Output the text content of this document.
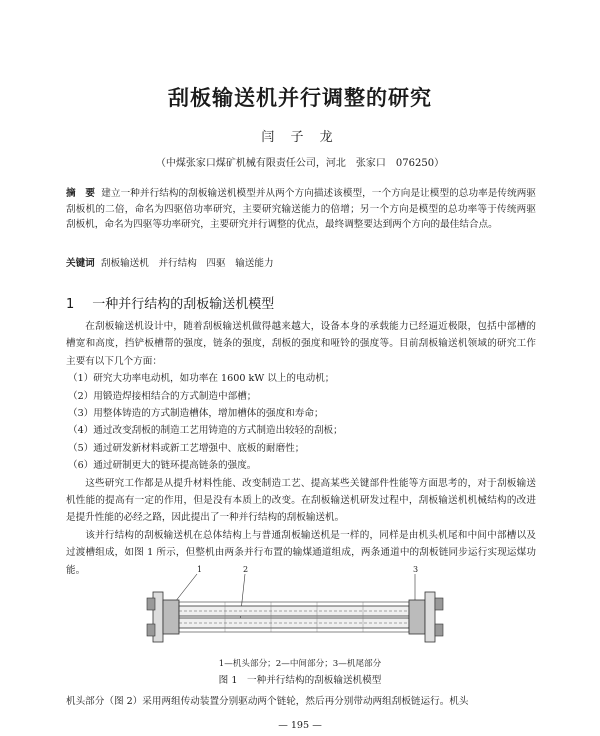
刮板输送机并行调整的研究
闫 子 龙
（中煤张家口煤矿机械有限责任公司，河北　张家口　076250）
摘　要 建立一种并行结构的刮板输送机模型并从两个方向描述该模型，一个方向是让模型的总功率是传统两驱刮板机的二倍，命名为四驱倍功率研究，主要研究输送能力的倍增；另一个方向是模型的总功率等于传统两驱刮板机，命名为四驱等功率研究，主要研究并行调整的优点，最终调整要达到两个方向的最佳结合点。
关键词 刮板输送机　并行结构　四驱　输送能力
1 一种并行结构的刮板输送机模型

在刮板输送机设计中，随着刮板输送机做得越来越大，设备本身的承载能力已经逼近极限，包括中部槽的槽宽和高度，挡铲板槽帮的强度，链条的强度，刮板的强度和哑铃的强度等。目前刮板输送机领域的研究工作主要有以下几个方面：

（1）研究大功率电动机，如功率在 1600 kW 以上的电动机；

（2）用锻造焊接相结合的方式制造中部槽；

（3）用整体铸造的方式制造槽体，增加槽体的强度和寿命；

（4）通过改变刮板的制造工艺用铸造的方式制造出较轻的刮板；

（5）通过研发新材料或新工艺增强中、底板的耐磨性；

（6）通过研制更大的链环提高链条的强度。

这些研究工作都是从提升材料性能、改变制造工艺、提高某些关键部件性能等方面思考的，对于刮板输送机性能的提高有一定的作用，但是没有本质上的改变。在刮板输送机研发过程中，刮板输送机机械结构的改进是提升性能的必经之路，因此提出了一种并行结构的刮板输送机。

该并行结构的刮板输送机在总体结构上与普通刮板输送机是一样的，同样是由机头机尾和中间中部槽以及过渡槽组成，如图 1 所示，但整机由两条并行布置的输煤通道组成，两条通道中的刮板链同步运行实现运煤功能。	1	2	3
1—机头部分；2—中间部分；3—机尾部分
图 1　一种并行结构的刮板输送机模型
机头部分（图 2）采用两组传动装置分别驱动两个链轮，然后再分别带动两组刮板链运行。机头
— 195 —
